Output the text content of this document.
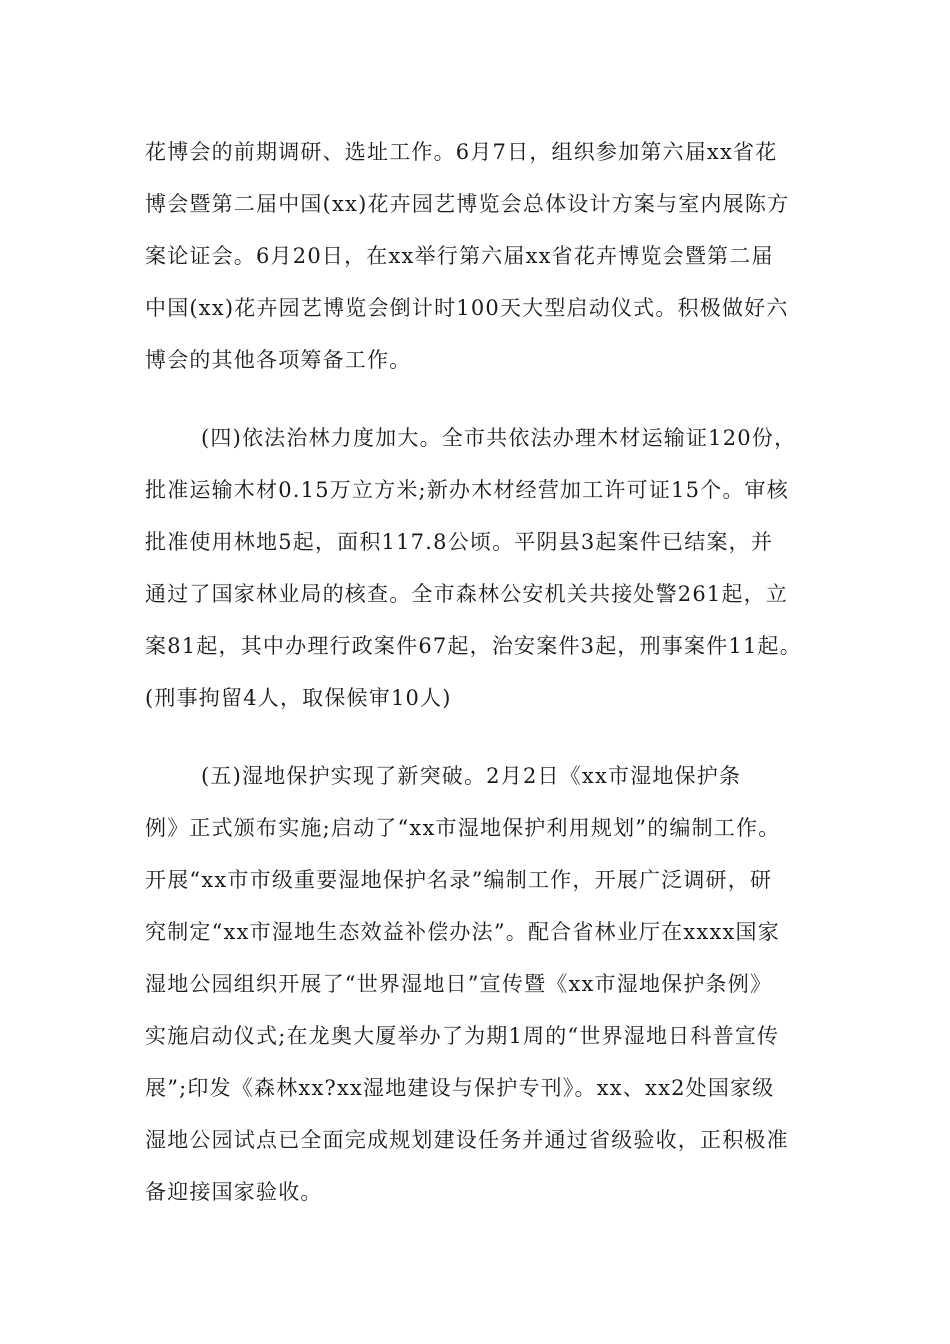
花博会的前期调研、选址工作。6月7日，组织参加第六届xx省花
博会暨第二届中国(xx)花卉园艺博览会总体设计方案与室内展陈方
案论证会。6月20日，在xx举行第六届xx省花卉博览会暨第二届
中国(xx)花卉园艺博览会倒计时100天大型启动仪式。积极做好六
博会的其他各项筹备工作。
(四)依法治林力度加大。全市共依法办理木材运输证120份，
批准运输木材0.15万立方米;新办木材经营加工许可证15个。审核
批准使用林地5起，面积117.8公顷。平阴县3起案件已结案，并
通过了国家林业局的核查。全市森林公安机关共接处警261起，立
案81起，其中办理行政案件67起，治安案件3起，刑事案件11起。
(刑事拘留4人，取保候审10人)
(五)湿地保护实现了新突破。2月2日《xx市湿地保护条
例》正式颁布实施;启动了“xx市湿地保护利用规划”的编制工作。
开展“xx市市级重要湿地保护名录”编制工作，开展广泛调研，研
究制定“xx市湿地生态效益补偿办法”。配合省林业厅在xxxx国家
湿地公园组织开展了“世界湿地日”宣传暨《xx市湿地保护条例》
实施启动仪式;在龙奥大厦举办了为期1周的“世界湿地日科普宣传
展”;印发《森林xx?xx湿地建设与保护专刊》。xx、xx2处国家级
湿地公园试点已全面完成规划建设任务并通过省级验收，正积极准
备迎接国家验收。
